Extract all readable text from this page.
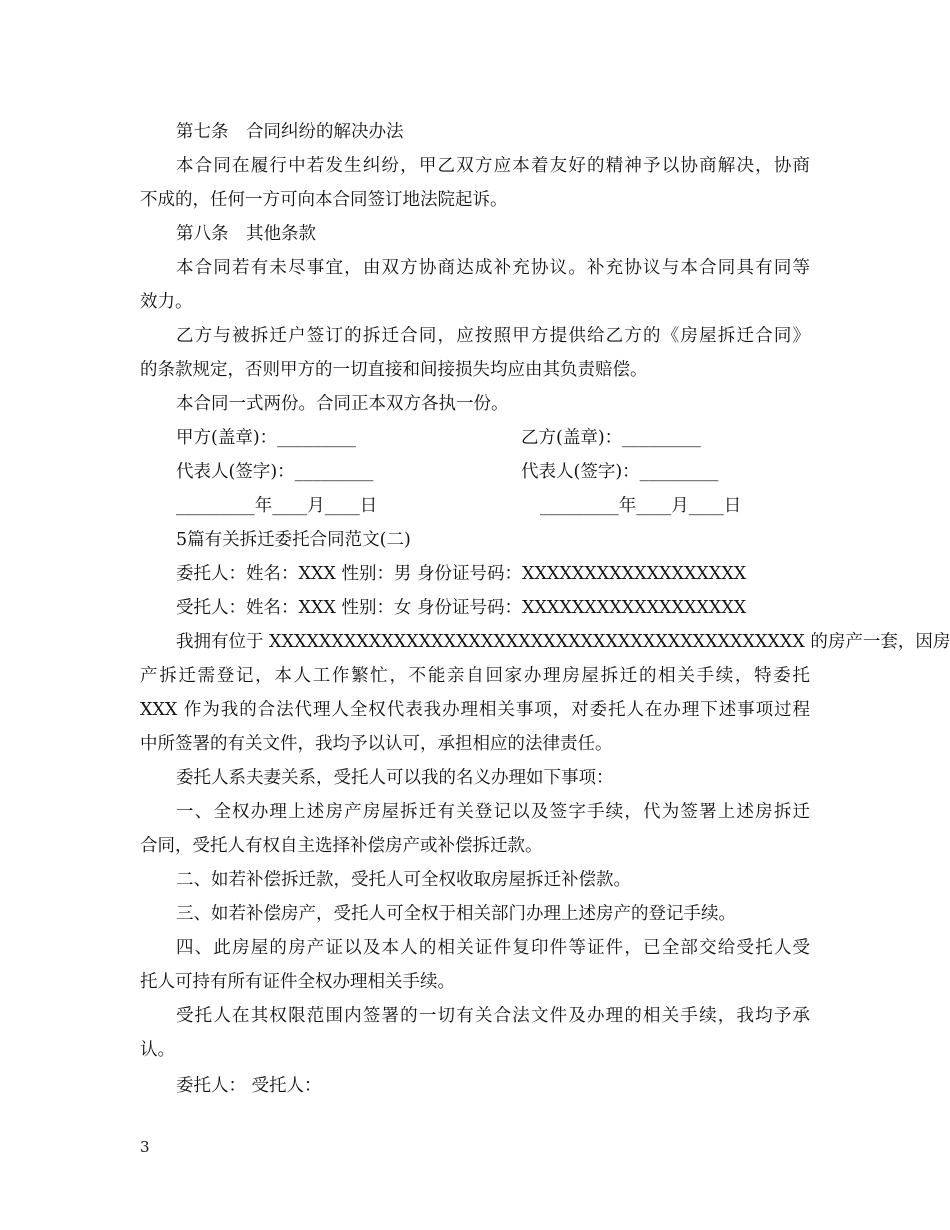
第七条　合同纠纷的解决办法
本合同在履行中若发生纠纷，甲乙双方应本着友好的精神予以协商解决，协商
不成的，任何一方可向本合同签订地法院起诉。
第八条　其他条款
本合同若有未尽事宜，由双方协商达成补充协议。补充协议与本合同具有同等
效力。
乙方与被拆迁户签订的拆迁合同，应按照甲方提供给乙方的《房屋拆迁合同》
的条款规定，否则甲方的一切直接和间接损失均应由其负责赔偿。
本合同一式两份。合同正本双方各执一份。
甲方(盖章)：_________	乙方(盖章)：_________
代表人(签字)：_________	代表人(签字)：_________
_________年____月____日	_________年____月____日
5篇有关拆迁委托合同范文(二)
委托人：姓名：XXX 性别：男 身份证号码：XXXXXXXXXXXXXXXXXX
受托人：姓名：XXX 性别：女 身份证号码：XXXXXXXXXXXXXXXXXX
我拥有位于 XXXXXXXXXXXXXXXXXXXXXXXXXXXXXXXXXXXXXXXXXXX 的房产一套，因房
产拆迁需登记，本人工作繁忙，不能亲自回家办理房屋拆迁的相关手续，特委托
XXX 作为我的合法代理人全权代表我办理相关事项，对委托人在办理下述事项过程
中所签署的有关文件，我均予以认可，承担相应的法律责任。
委托人系夫妻关系，受托人可以我的名义办理如下事项：
一、全权办理上述房产房屋拆迁有关登记以及签字手续，代为签署上述房拆迁
合同，受托人有权自主选择补偿房产或补偿拆迁款。
二、如若补偿拆迁款，受托人可全权收取房屋拆迁补偿款。
三、如若补偿房产，受托人可全权于相关部门办理上述房产的登记手续。
四、此房屋的房产证以及本人的相关证件复印件等证件，已全部交给受托人受
托人可持有所有证件全权办理相关手续。
受托人在其权限范围内签署的一切有关合法文件及办理的相关手续，我均予承
认。
委托人： 受托人：
3
